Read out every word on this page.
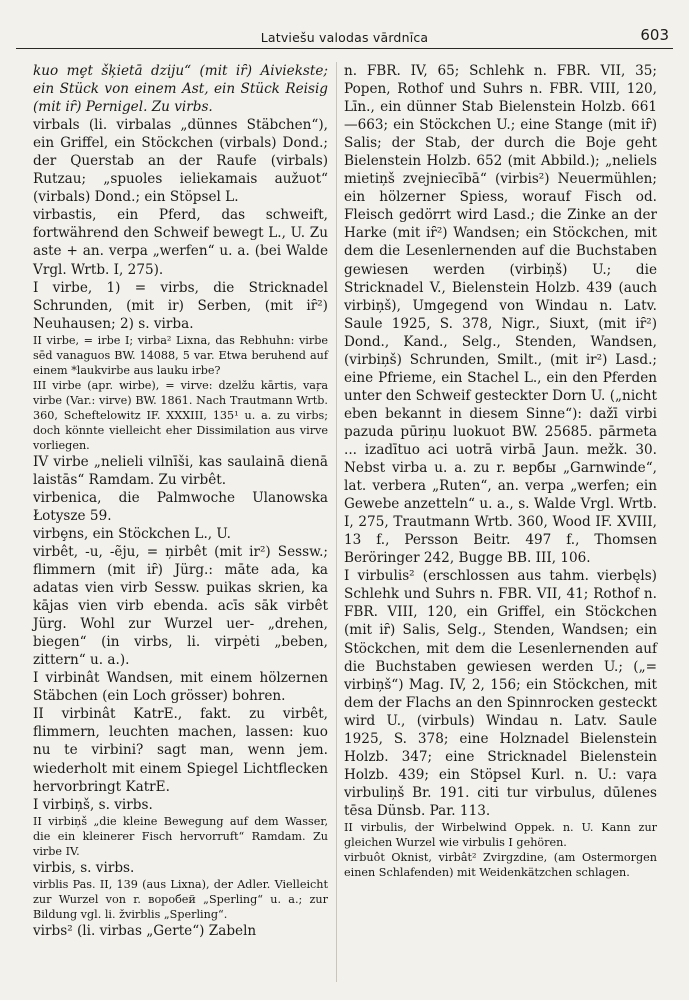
Latviešu valodas vārdnīca	603

kuo mȩt šķietā dziju“ (mit iȓ) Aiviekste; ein Stück von einem Ast, ein Stück Reisig (mit iȓ) Pernigel. Zu virbs.

virbals (li. virbalas „dünnes Stäbchen“), ein Griffel, ein Stöckchen (virbals) Dond.; der Querstab an der Raufe (virbals) Rutzau; „spuoles ieliekamais aužuot“ (virbals) Dond.; ein Stöpsel L.

virbastis, ein Pferd, das schweift, fortwährend den Schweif bewegt L., U. Zu aste + an. verpa „werfen“ u. a. (bei Walde Vrgl. Wrtb. I, 275).

I virbe, 1) = virbs, die Stricknadel Schrunden, (mit ir) Serben, (mit iȓ²) Neuhausen; 2) s. virba.

II virbe, = irbe I; virba² Lixna, das Rebhuhn: virbe sēd vanaguos BW. 14088, 5 var. Etwa beruhend auf einem *laukvirbe aus lauku irbe?

III virbe (apr. wirbe), = virve: dzelžu kārtis, vaŗa virbe (Var.: virve) BW. 1861. Nach Trautmann Wrtb. 360, Scheftelowitz IF. XXXIII, 135¹ u. a. zu virbs; doch könnte vielleicht eher Dissimilation aus virve vorliegen.

IV virbe „nelieli vilnīši, kas saulainā dienā laistās“ Ramdam. Zu virbêt.

virbenica, die Palmwoche Ulanowska Łotysze 59.

virbȩns, ein Stöckchen L., U.

virbêt, -u, -ẽju, = ņirbêt (mit ir²) Sessw.; flimmern (mit iȓ) Jürg.: māte ada, ka adatas vien virb Sessw. puikas skrien, ka kājas vien virb ebenda. acīs sāk virbêt Jürg. Wohl zur Wurzel uer- „drehen, biegen“ (in virbs, li. virpėti „beben, zittern“ u. a.).

I virbinât Wandsen, mit einem hölzernen Stäbchen (ein Loch grösser) bohren.

II virbinât KatrE., fakt. zu virbêt, flimmern, leuchten machen, lassen: kuo nu te virbini? sagt man, wenn jem. wiederholt mit einem Spiegel Lichtflecken hervorbringt KatrE.

I virbiņš, s. virbs.

II virbiņš „die kleine Bewegung auf dem Wasser, die ein kleinerer Fisch hervorruft“ Ramdam. Zu virbe IV.

virbis, s. virbs.

virblis Pas. II, 139 (aus Lixna), der Adler. Vielleicht zur Wurzel von r. воробей „Sperling“ u. a.; zur Bildung vgl. li. žvirblis „Sperling“.

virbs² (li. virbas „Gerte“) Zabeln

n. FBR. IV, 65; Schlehk n. FBR. VII, 35; Popen, Rothof und Suhrs n. FBR. VIII, 120, Līn., ein dünner Stab Bielenstein Holzb. 661—663; ein Stöckchen U.; eine Stange (mit iȓ) Salis; der Stab, der durch die Boje geht Bielenstein Holzb. 652 (mit Abbild.); „neliels mietiņš zvejniecībā“ (virbis²) Neuermühlen; ein hölzerner Spiess, worauf Fisch od. Fleisch gedörrt wird Lasd.; die Zinke an der Harke (mit iȓ²) Wandsen; ein Stöckchen, mit dem die Lesenlernenden auf die Buchstaben gewiesen werden (virbiņš) U.; die Stricknadel V., Bielenstein Holzb. 439 (auch virbiņš), Umgegend von Windau n. Latv. Saule 1925, S. 378, Nigr., Siuxt, (mit iȓ²) Dond., Kand., Selg., Stenden, Wandsen, (virbiņš) Schrunden, Smilt., (mit ir²) Lasd.; eine Pfrieme, ein Stachel L., ein den Pferden unter den Schweif gesteckter Dorn U. („nicht eben bekannt in diesem Sinne“): dažī virbi pazuda pūriņu luokuot BW. 25685. pārmeta ... izadītuo aci uotrā virbā Jaun. mežk. 30. Nebst virba u. a. zu r. вербы „Garnwinde“, lat. verbera „Ruten“, an. verpa „werfen; ein Gewebe anzetteln“ u. a., s. Walde Vrgl. Wrtb. I, 275, Trautmann Wrtb. 360, Wood IF. XVIII, 13 f., Persson Beitr. 497 f., Thomsen Beröringer 242, Bugge BB. III, 106.

I virbulis² (erschlossen aus tahm. vierbęls) Schlehk und Suhrs n. FBR. VII, 41; Rothof n. FBR. VIII, 120, ein Griffel, ein Stöckchen (mit iȓ) Salis, Selg., Stenden, Wandsen; ein Stöckchen, mit dem die Lesenlernenden auf die Buchstaben gewiesen werden U.; („= virbiņš“) Mag. IV, 2, 156; ein Stöckchen, mit dem der Flachs an den Spinnrocken gesteckt wird U., (virbuls) Windau n. Latv. Saule 1925, S. 378; eine Holznadel Bielenstein Holzb. 347; eine Stricknadel Bielenstein Holzb. 439; ein Stöpsel Kurl. n. U.: vaŗa virbuliņš Br. 191. citi tur virbulus, dūlenes tēsa Dünsb. Par. 113.

II virbulis, der Wirbelwind Oppek. n. U. Kann zur gleichen Wurzel wie virbulis I gehören.

virbuôt Oknist, virbât² Zvirgzdine, (am Ostermorgen einen Schlafenden) mit Weidenkätzchen schlagen.
